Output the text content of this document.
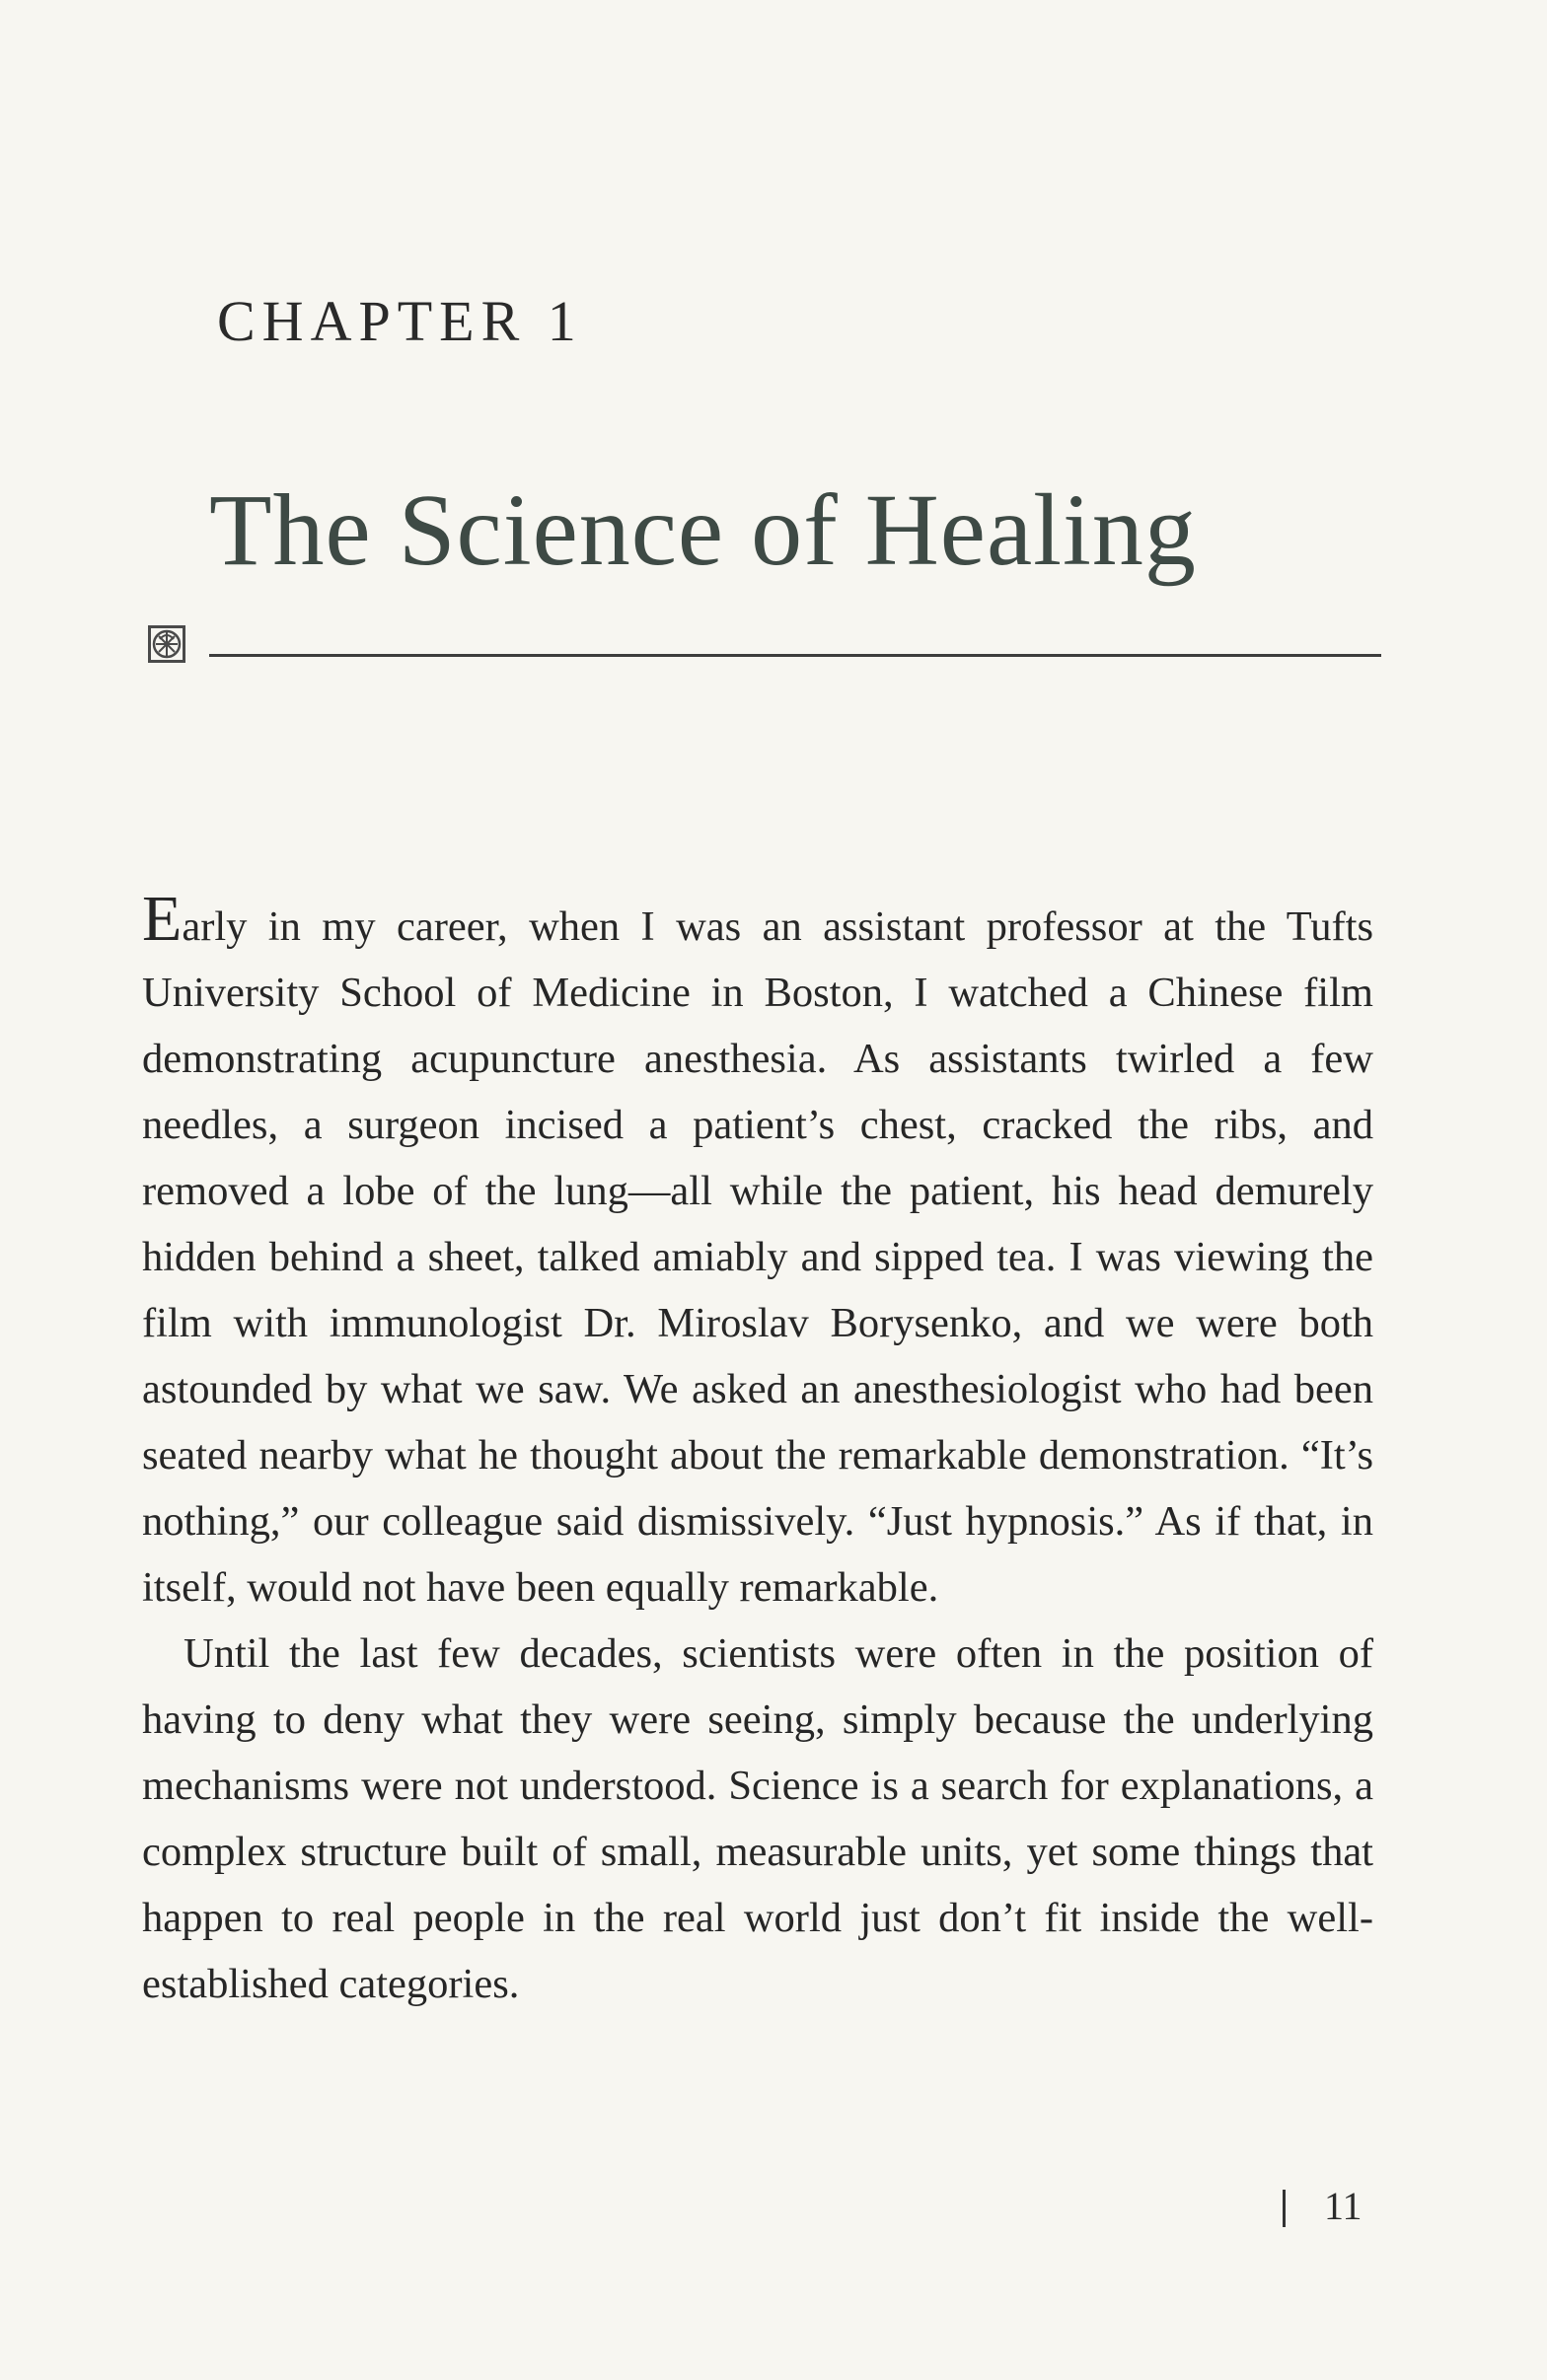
CHAPTER 1
The Science of Healing

Early in my career, when I was an assistant professor at the Tufts University School of Medicine in Boston, I watched a Chinese film demonstrating acupuncture anesthesia. As assistants twirled a few needles, a surgeon incised a patient’s chest, cracked the ribs, and removed a lobe of the lung—all while the patient, his head demurely hidden behind a sheet, talked amiably and sipped tea. I was viewing the film with immunologist Dr. Miroslav Borysenko, and we were both astounded by what we saw. We asked an anesthesiologist who had been seated nearby what he thought about the remarkable demonstration. “It’s nothing,” our colleague said dismissively. “Just hypnosis.” As if that, in itself, would not have been equally remarkable.

Until the last few decades, scientists were often in the position of having to deny what they were seeing, simply because the underlying mechanisms were not understood. Science is a search for explanations, a complex structure built of small, measurable units, yet some things that happen to real people in the real world just don’t fit inside the well-established categories.

11
